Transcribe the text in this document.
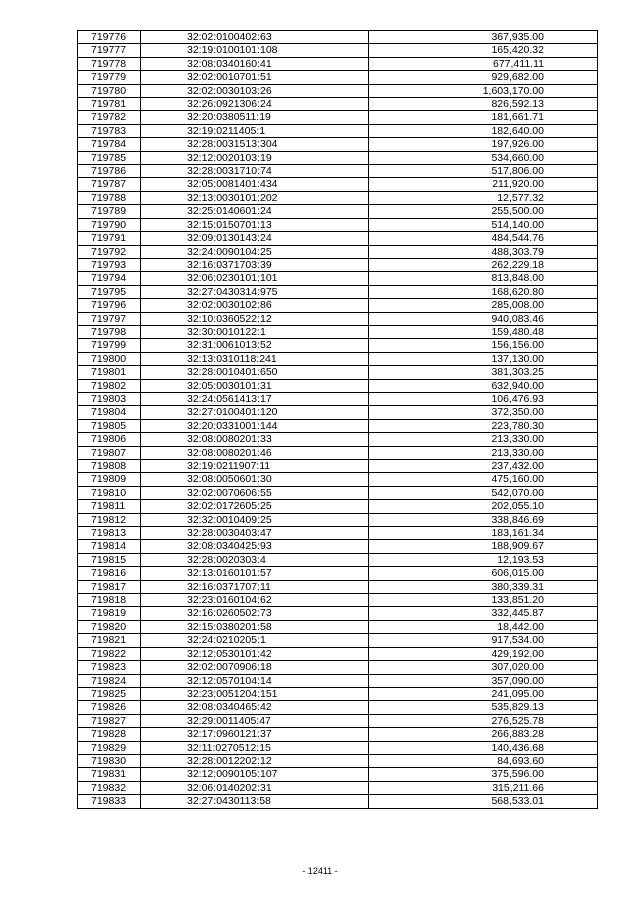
719776	32:02:0100402:63	367,935.00
719777	32:19:0100101:108	165,420.32
719778	32:08:0340160:41	677,411.11
719779	32:02:0010701:51	929,682.00
719780	32:02:0030103:26	1,603,170.00
719781	32:26:0921306:24	826,592.13
719782	32:20:0380511:19	181,661.71
719783	32:19:0211405:1	182,640.00
719784	32:28:0031513:304	197,926.00
719785	32:12:0020103:19	534,660.00
719786	32:28:0031710:74	517,806.00
719787	32:05:0081401:434	211,920.00
719788	32:13:0030101:202	12,577.32
719789	32:25:0140601:24	255,500.00
719790	32:15:0150701:13	514,140.00
719791	32:09:0130143:24	484,544.76
719792	32:24:0090104:25	488,303.79
719793	32:16:0371703:39	262,229.18
719794	32:06:0230101:101	813,848.00
719795	32:27:0430314:975	168,620.80
719796	32:02:0030102:86	285,008.00
719797	32:10:0360522:12	940,083.46
719798	32:30:0010122:1	159,480.48
719799	32:31:0061013:52	156,156.00
719800	32:13:0310118:241	137,130.00
719801	32:28:0010401:650	381,303.25
719802	32:05:0030101:31	632,940.00
719803	32:24:0561413:17	106,476.93
719804	32:27:0100401:120	372,350.00
719805	32:20:0331001:144	223,780.30
719806	32:08:0080201:33	213,330.00
719807	32:08:0080201:46	213,330.00
719808	32:19:0211907:11	237,432.00
719809	32:08:0050601:30	475,160.00
719810	32:02:0070606:55	542,070.00
719811	32:02:0172605:25	202,055.10
719812	32:32:0010409:25	338,846.69
719813	32:28:0030403:47	183,161.34
719814	32:08:0340425:93	188,909.67
719815	32:28:0020303:4	12,193.53
719816	32:13:0160101:57	606,015.00
719817	32:16:0371707:11	380,339.31
719818	32:23:0160104:62	133,851.20
719819	32:16:0260502:73	332,445.87
719820	32:15:0380201:58	18,442.00
719821	32:24:0210205:1	917,534.00
719822	32:12:0530101:42	429,192.00
719823	32:02:0070906:18	307,020.00
719824	32:12:0570104:14	357,090.00
719825	32:23:0051204:151	241,095.00
719826	32:08:0340465:42	535,829.13
719827	32:29:0011405:47	276,525.78
719828	32:17:0960121:37	266,883.28
719829	32:11:0270512:15	140,436.68
719830	32:28:0012202:12	84,693.60
719831	32:12:0090105:107	375,596.00
719832	32:06:0140202:31	315,211.66
719833	32:27:0430113:58	568,533.01
- 12411 -
